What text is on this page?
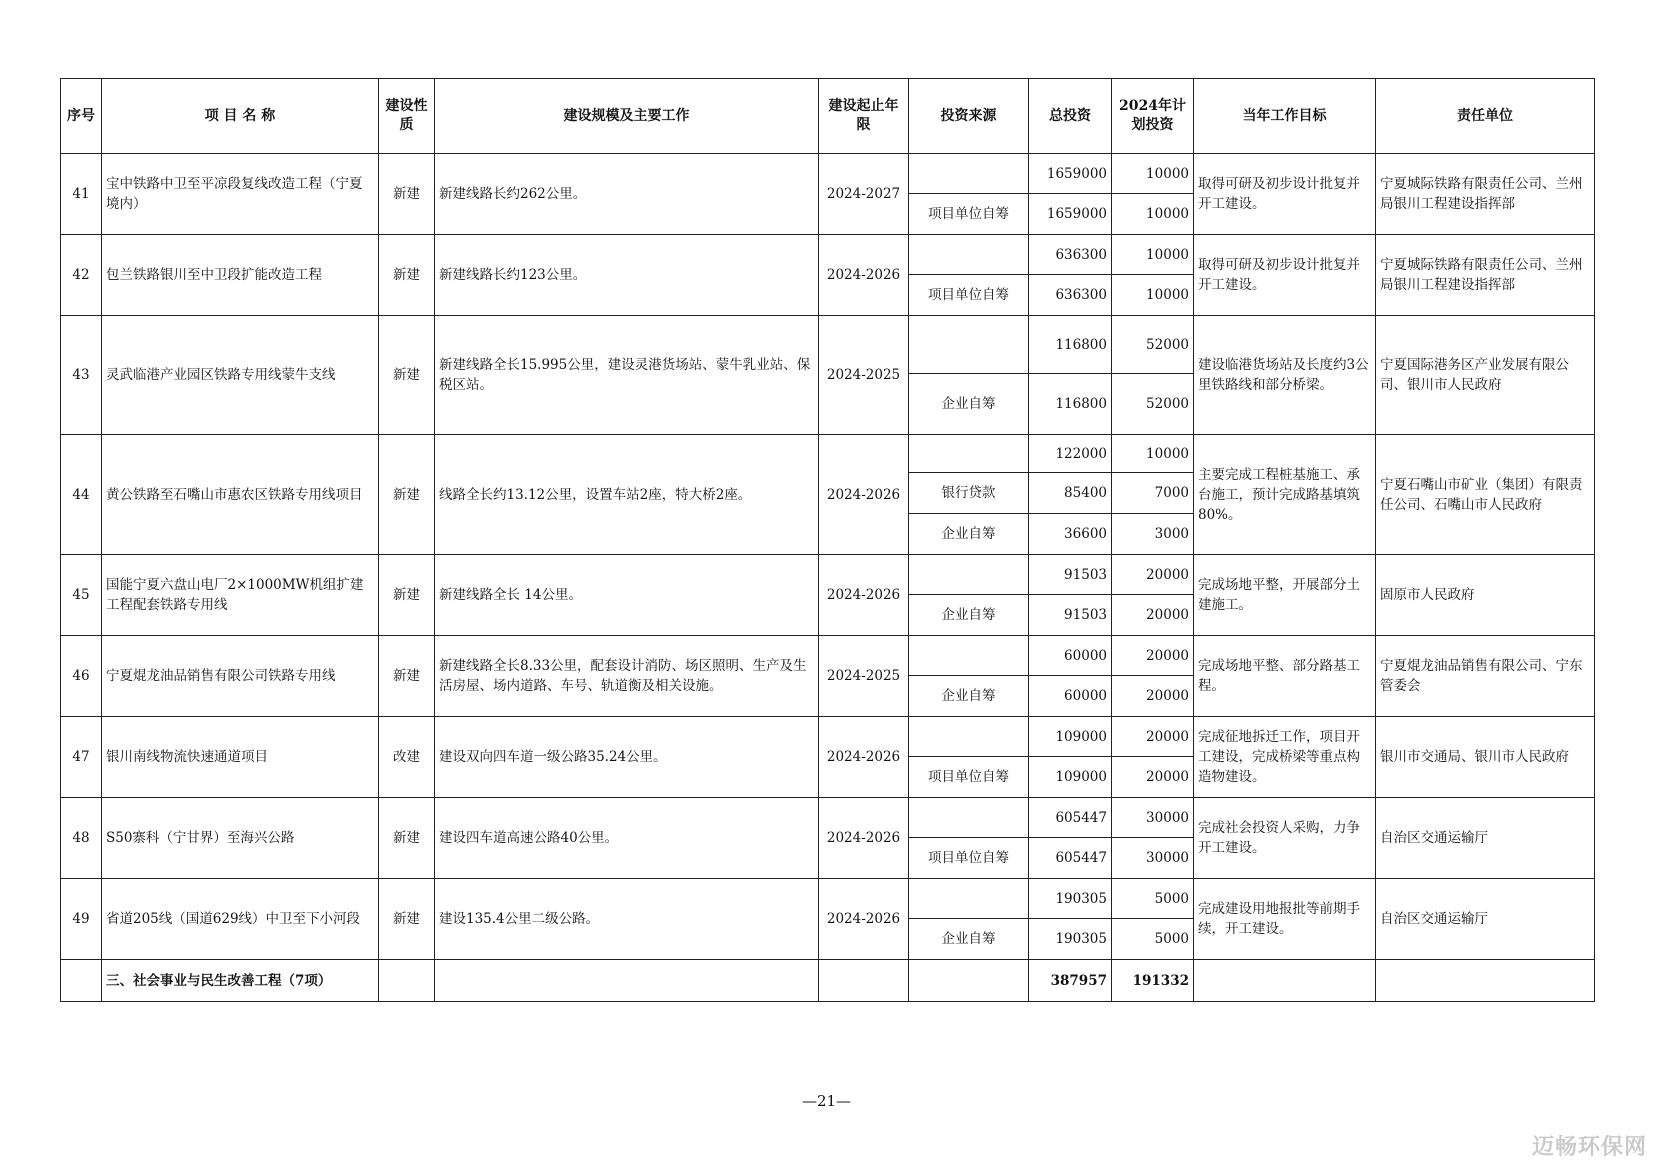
序号	项 目 名 称	建设性质	建设规模及主要工作	建设起止年限	投资来源	总投资	2024年计划投资	当年工作目标	责任单位
41	宝中铁路中卫至平凉段复线改造工程（宁夏境内）	新建	新建线路长约262公里。	2024-2027		1659000	10000	取得可研及初步设计批复并开工建设。	宁夏城际铁路有限责任公司、兰州局银川工程建设指挥部
					项目单位自筹	1659000	10000		
42	包兰铁路银川至中卫段扩能改造工程	新建	新建线路长约123公里。	2024-2026		636300	10000	取得可研及初步设计批复并开工建设。	宁夏城际铁路有限责任公司、兰州局银川工程建设指挥部
					项目单位自筹	636300	10000		
43	灵武临港产业园区铁路专用线蒙牛支线	新建	新建线路全长15.995公里，建设灵港货场站、蒙牛乳业站、保税区站。	2024-2025		116800	52000	建设临港货场站及长度约3公里铁路线和部分桥梁。	宁夏国际港务区产业发展有限公司、银川市人民政府
					企业自筹	116800	52000		
44	黄公铁路至石嘴山市惠农区铁路专用线项目	新建	线路全长约13.12公里，设置车站2座，特大桥2座。	2024-2026		122000	10000	主要完成工程桩基施工、承台施工，预计完成路基填筑80%。	宁夏石嘴山市矿业（集团）有限责任公司、石嘴山市人民政府
					银行贷款	85400	7000		
					企业自筹	36600	3000		
45	国能宁夏六盘山电厂2×1000MW机组扩建工程配套铁路专用线	新建	新建线路全长 14公里。	2024-2026		91503	20000	完成场地平整，开展部分土建施工。	固原市人民政府
					企业自筹	91503	20000		
46	宁夏焜龙油品销售有限公司铁路专用线	新建	新建线路全长8.33公里，配套设计消防、场区照明、生产及生活房屋、场内道路、车号、轨道衡及相关设施。	2024-2025		60000	20000	完成场地平整、部分路基工程。	宁夏焜龙油品销售有限公司、宁东管委会
					企业自筹	60000	20000		
47	银川南线物流快速通道项目	改建	建设双向四车道一级公路35.24公里。	2024-2026		109000	20000	完成征地拆迁工作，项目开工建设，完成桥梁等重点构造物建设。	银川市交通局、银川市人民政府
					项目单位自筹	109000	20000		
48	S50寨科（宁甘界）至海兴公路	新建	建设四车道高速公路40公里。	2024-2026		605447	30000	完成社会投资人采购，力争开工建设。	自治区交通运输厅
					项目单位自筹	605447	30000		
49	省道205线（国道629线）中卫至下小河段	新建	建设135.4公里二级公路。	2024-2026		190305	5000	完成建设用地报批等前期手续，开工建设。	自治区交通运输厅
					企业自筹	190305	5000		
	三、社会事业与民生改善工程（7项）					387957	191332		
—21—
迈畅环保网
